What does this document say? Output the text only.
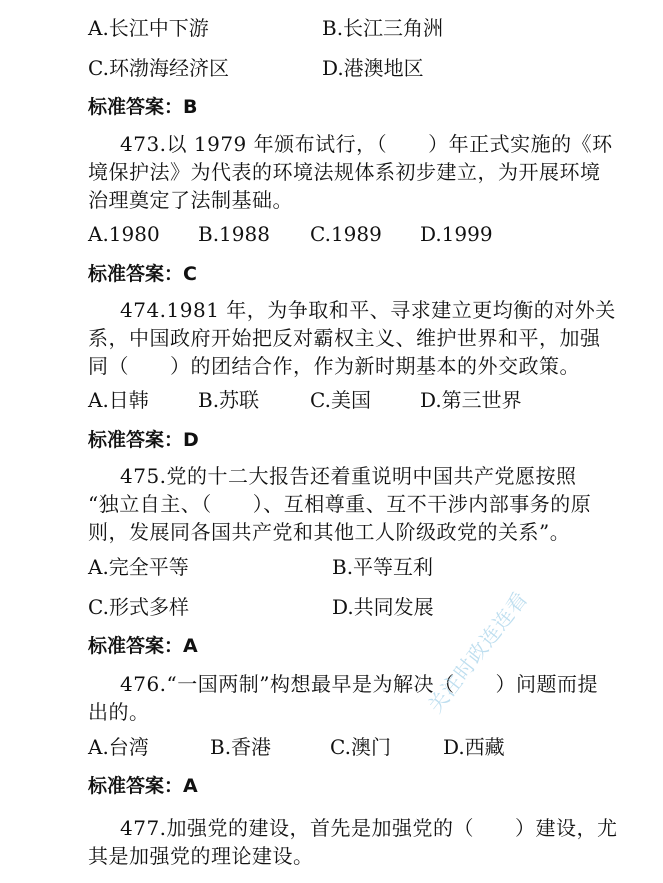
A.长江中下游	B.长江三角洲
C.环渤海经济区	D.港澳地区
标准答案：B
473.以 1979 年颁布试行，（　　）年正式实施的《环
境保护法》为代表的环境法规体系初步建立，为开展环境
治理奠定了法制基础。
A.1980 B.1988 C.1989 D.1999
标准答案：C
474.1981 年，为争取和平、寻求建立更均衡的对外关
系，中国政府开始把反对霸权主义、维护世界和平，加强
同（　　）的团结合作，作为新时期基本的外交政策。
A.日韩 B.苏联	C.美国 D.第三世界
标准答案：D
475.党的十二大报告还着重说明中国共产党愿按照
“独立自主、（　　）、互相尊重、互不干涉内部事务的原
则，发展同各国共产党和其他工人阶级政党的关系”。
A.完全平等	B.平等互利
C.形式多样	D.共同发展
标准答案：A
476.“一国两制”构想最早是为解决（　　）问题而提
出的。
A.台湾	B.香港	C.澳门	D.西藏
标准答案：A
477.加强党的建设，首先是加强党的（　　）建设，尤
其是加强党的理论建设。
关注时政连连看
